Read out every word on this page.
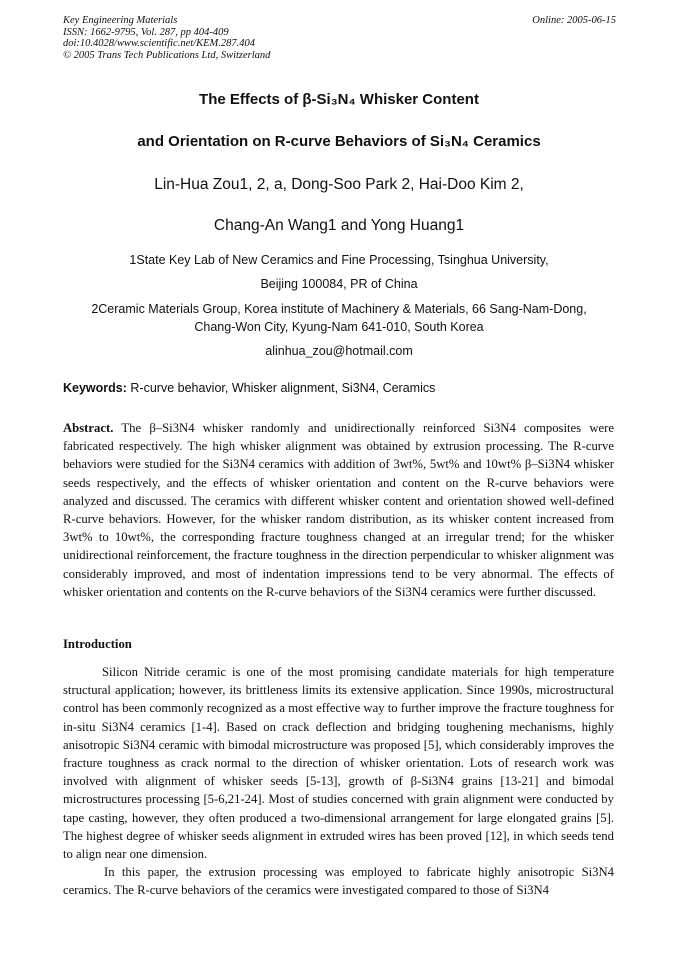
Key Engineering Materials
ISSN: 1662-9795, Vol. 287, pp 404-409
doi:10.4028/www.scientific.net/KEM.287.404
© 2005 Trans Tech Publications Ltd, Switzerland
Online: 2005-06-15
The Effects of β-Si₃N₄ Whisker Content
and Orientation on R-curve Behaviors of Si₃N₄ Ceramics
Lin-Hua Zou1, 2, a, Dong-Soo Park 2, Hai-Doo Kim 2,
Chang-An Wang1 and Yong Huang1
1State Key Lab of New Ceramics and Fine Processing, Tsinghua University,
Beijing 100084, PR of China
2Ceramic Materials Group, Korea institute of Machinery & Materials, 66 Sang-Nam-Dong,
Chang-Won City, Kyung-Nam 641-010, South Korea
alinhua_zou@hotmail.com
Keywords: R-curve behavior, Whisker alignment, Si3N4, Ceramics
Abstract. The β–Si3N4 whisker randomly and unidirectionally reinforced Si3N4 composites were fabricated respectively. The high whisker alignment was obtained by extrusion processing. The R-curve behaviors were studied for the Si3N4 ceramics with addition of 3wt%, 5wt% and 10wt% β–Si3N4 whisker seeds respectively, and the effects of whisker orientation and content on the R-curve behaviors were analyzed and discussed. The ceramics with different whisker content and orientation showed well-defined R-curve behaviors. However, for the whisker random distribution, as its whisker content increased from 3wt% to 10wt%, the corresponding fracture toughness changed at an irregular trend; for the whisker unidirectional reinforcement, the fracture toughness in the direction perpendicular to whisker alignment was considerably improved, and most of indentation impressions tend to be very abnormal. The effects of whisker orientation and contents on the R-curve behaviors of the Si3N4 ceramics were further discussed.
Introduction

Silicon Nitride ceramic is one of the most promising candidate materials for high temperature structural application; however, its brittleness limits its extensive application. Since 1990s, microstructural control has been commonly recognized as a most effective way to further improve the fracture toughness for in-situ Si3N4 ceramics [1-4]. Based on crack deflection and bridging toughening mechanisms, highly anisotropic Si3N4 ceramic with bimodal microstructure was proposed [5], which considerably improves the fracture toughness as crack normal to the direction of whisker orientation. Lots of research work was involved with alignment of whisker seeds [5-13], growth of β-Si3N4 grains [13-21] and bimodal microstructures processing [5-6,21-24]. Most of studies concerned with grain alignment were conducted by tape casting, however, they often produced a two-dimensional arrangement for large elongated grains [5]. The highest degree of whisker seeds alignment in extruded wires has been proved [12], in which seeds tend to align near one dimension.

In this paper, the extrusion processing was employed to fabricate highly anisotropic Si3N4 ceramics. The R-curve behaviors of the ceramics were investigated compared to those of Si3N4
